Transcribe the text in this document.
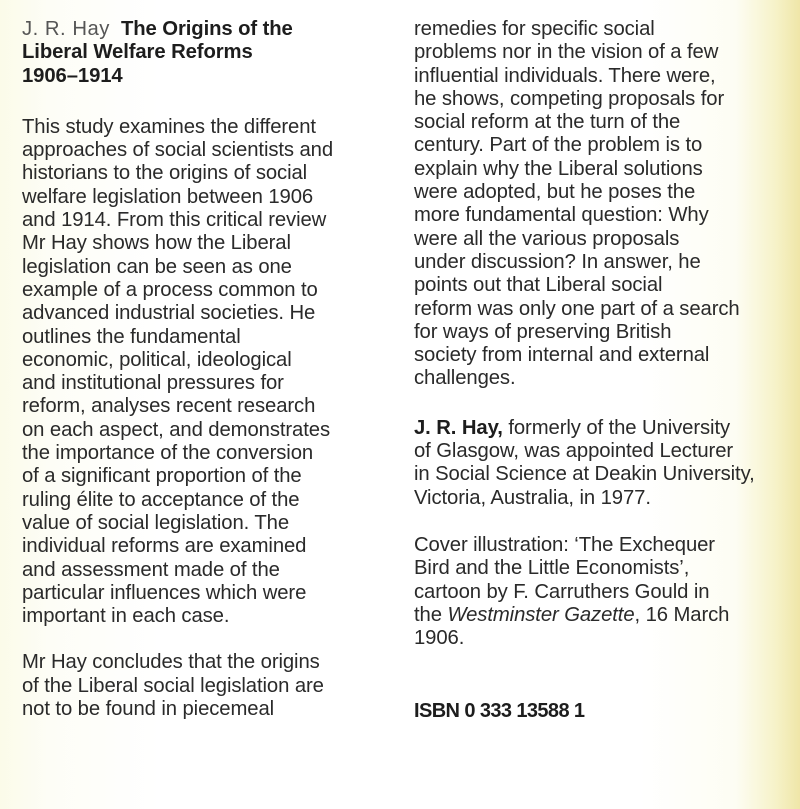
J. R. Hay The Origins of the
Liberal Welfare Reforms
1906–1914
This study examines the different
approaches of social scientists and
historians to the origins of social
welfare legislation between 1906
and 1914. From this critical review
Mr Hay shows how the Liberal
legislation can be seen as one
example of a process common to
advanced industrial societies. He
outlines the fundamental
economic, political, ideological
and institutional pressures for
reform, analyses recent research
on each aspect, and demonstrates
the importance of the conversion
of a significant proportion of the
ruling élite to acceptance of the
value of social legislation. The
individual reforms are examined
and assessment made of the
particular influences which were
important in each case.
Mr Hay concludes that the origins
of the Liberal social legislation are
not to be found in piecemeal
remedies for specific social
problems nor in the vision of a few
influential individuals. There were,
he shows, competing proposals for
social reform at the turn of the
century. Part of the problem is to
explain why the Liberal solutions
were adopted, but he poses the
more fundamental question: Why
were all the various proposals
under discussion? In answer, he
points out that Liberal social
reform was only one part of a search
for ways of preserving British
society from internal and external
challenges.
J. R. Hay, formerly of the University
of Glasgow, was appointed Lecturer
in Social Science at Deakin University,
Victoria, Australia, in 1977.
Cover illustration: ‘The Exchequer
Bird and the Little Economists’,
cartoon by F. Carruthers Gould in
the Westminster Gazette, 16 March
1906.
ISBN 0 333 13588 1
